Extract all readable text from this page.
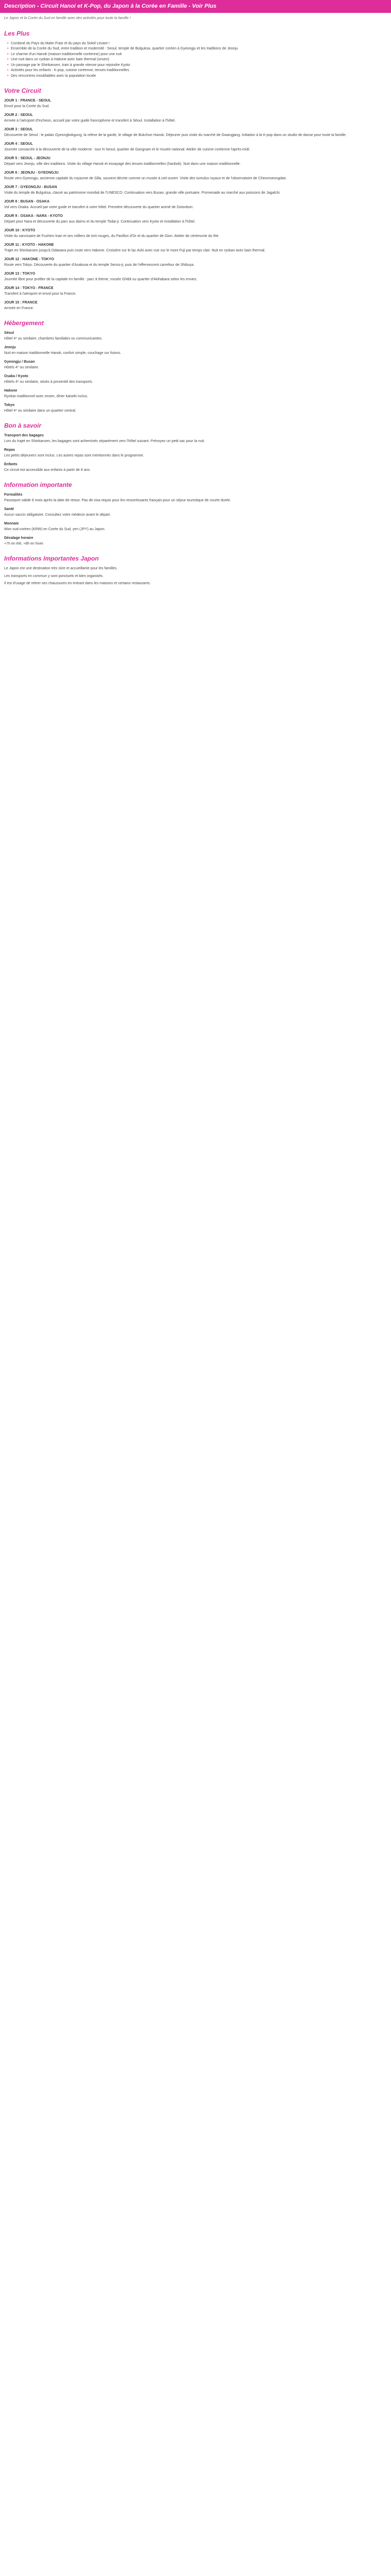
Description - Circuit Hanoi et K-Pop, du Japon à la Corée en Famille - Voir Plus
Le Japon et la Corée du Sud en famille avec des activités pour toute la famille !
Les Plus
• Combiné du Pays du Matin Frais et du pays du Soleil Levant !
• Ensemble de la Corée du Sud, entre tradition et modernité : Seoul, temple de Bulguksa, quartier coréen à Gyeongju et les traditions de Jeonju
• Le charme d'un Hanok (maison traditionnelle coréenne) pour une nuit
• Une nuit dans un ryokan à Hakone avec bain thermal (onsen)
• Un passage par le Shinkansen, train à grande vitesse pour rejoindre Kyoto
• Activités pour les enfants : K-pop, cuisine coréenne, tenues traditionnelles
• Des rencontres inoubliables avec la population locale
Votre Circuit

JOUR 1 : FRANCE - SEOUL

Envol pour la Corée du Sud.

JOUR 2 : SEOUL

Arrivée à l'aéroport d'Incheon, accueil par votre guide francophone et transfert à Séoul. Installation à l'hôtel.

JOUR 3 : SEOUL

Découverte de Séoul : le palais Gyeongbokgung, la relève de la garde, le village de Bukchon Hanok. Déjeuner puis visite du marché de Gwangjang. Initiation à la K-pop dans un studio de danse pour toute la famille.

JOUR 4 : SEOUL

Journée consacrée à la découverte de la ville moderne : tour N Seoul, quartier de Gangnam et le musée national. Atelier de cuisine coréenne l'après-midi.

JOUR 5 : SEOUL - JEONJU

Départ vers Jeonju, ville des traditions. Visite du village Hanok et essayage des tenues traditionnelles (hanbok). Nuit dans une maison traditionnelle.

JOUR 6 : JEONJU - GYEONGJU

Route vers Gyeongju, ancienne capitale du royaume de Silla, souvent décrite comme un musée à ciel ouvert. Visite des tumulus royaux et de l'observatoire de Cheomseongdae.

JOUR 7 : GYEONGJU - BUSAN

Visite du temple de Bulguksa, classé au patrimoine mondial de l'UNESCO. Continuation vers Busan, grande ville portuaire. Promenade au marché aux poissons de Jagalchi.

JOUR 8 : BUSAN - OSAKA

Vol vers Osaka. Accueil par votre guide et transfert à votre hôtel. Première découverte du quartier animé de Dotonbori.

JOUR 9 : OSAKA - NARA - KYOTO

Départ pour Nara et découverte du parc aux daims et du temple Todai-ji. Continuation vers Kyoto et installation à l'hôtel.

JOUR 10 : KYOTO

Visite du sanctuaire de Fushimi Inari et ses milliers de torii rouges, du Pavillon d'Or et du quartier de Gion. Atelier de cérémonie du thé.

JOUR 11 : KYOTO - HAKONE

Trajet en Shinkansen jusqu'à Odawara puis route vers Hakone. Croisière sur le lac Ashi avec vue sur le mont Fuji par temps clair. Nuit en ryokan avec bain thermal.

JOUR 12 : HAKONE - TOKYO

Route vers Tokyo. Découverte du quartier d'Asakusa et du temple Senso-ji, puis de l'effervescent carrefour de Shibuya.

JOUR 13 : TOKYO

Journée libre pour profiter de la capitale en famille : parc à thème, musée Ghibli ou quartier d'Akihabara selon les envies.

JOUR 14 : TOKYO - FRANCE

Transfert à l'aéroport et envol pour la France.

JOUR 15 : FRANCE

Arrivée en France.

Hébergement

Séoul

Hôtel 4* ou similaire, chambres familiales ou communicantes.

Jeonju

Nuit en maison traditionnelle Hanok, confort simple, couchage sur futons.

Gyeongju / Busan

Hôtels 4* ou similaire.

Osaka / Kyoto

Hôtels 4* ou similaire, situés à proximité des transports.

Hakone

Ryokan traditionnel avec onsen, dîner kaiseki inclus.

Tokyo

Hôtel 4* ou similaire dans un quartier central.

Bon à savoir

Transport des bagages

Lors du trajet en Shinkansen, les bagages sont acheminés séparément vers l'hôtel suivant. Prévoyez un petit sac pour la nuit.

Repas

Les petits déjeuners sont inclus. Les autres repas sont mentionnés dans le programme.

Enfants

Ce circuit est accessible aux enfants à partir de 6 ans.

Information importante

Formalités

Passeport valide 6 mois après la date de retour. Pas de visa requis pour les ressortissants français pour un séjour touristique de courte durée.

Santé

Aucun vaccin obligatoire. Consultez votre médecin avant le départ.

Monnaie

Won sud-coréen (KRW) en Corée du Sud, yen (JPY) au Japon.

Décalage horaire

+7h en été, +8h en hiver.

Informations Importantes Japon

Le Japon est une destination très sûre et accueillante pour les familles.

Les transports en commun y sont ponctuels et bien organisés.

Il est d'usage de retirer ses chaussures en entrant dans les maisons et certains restaurants.
